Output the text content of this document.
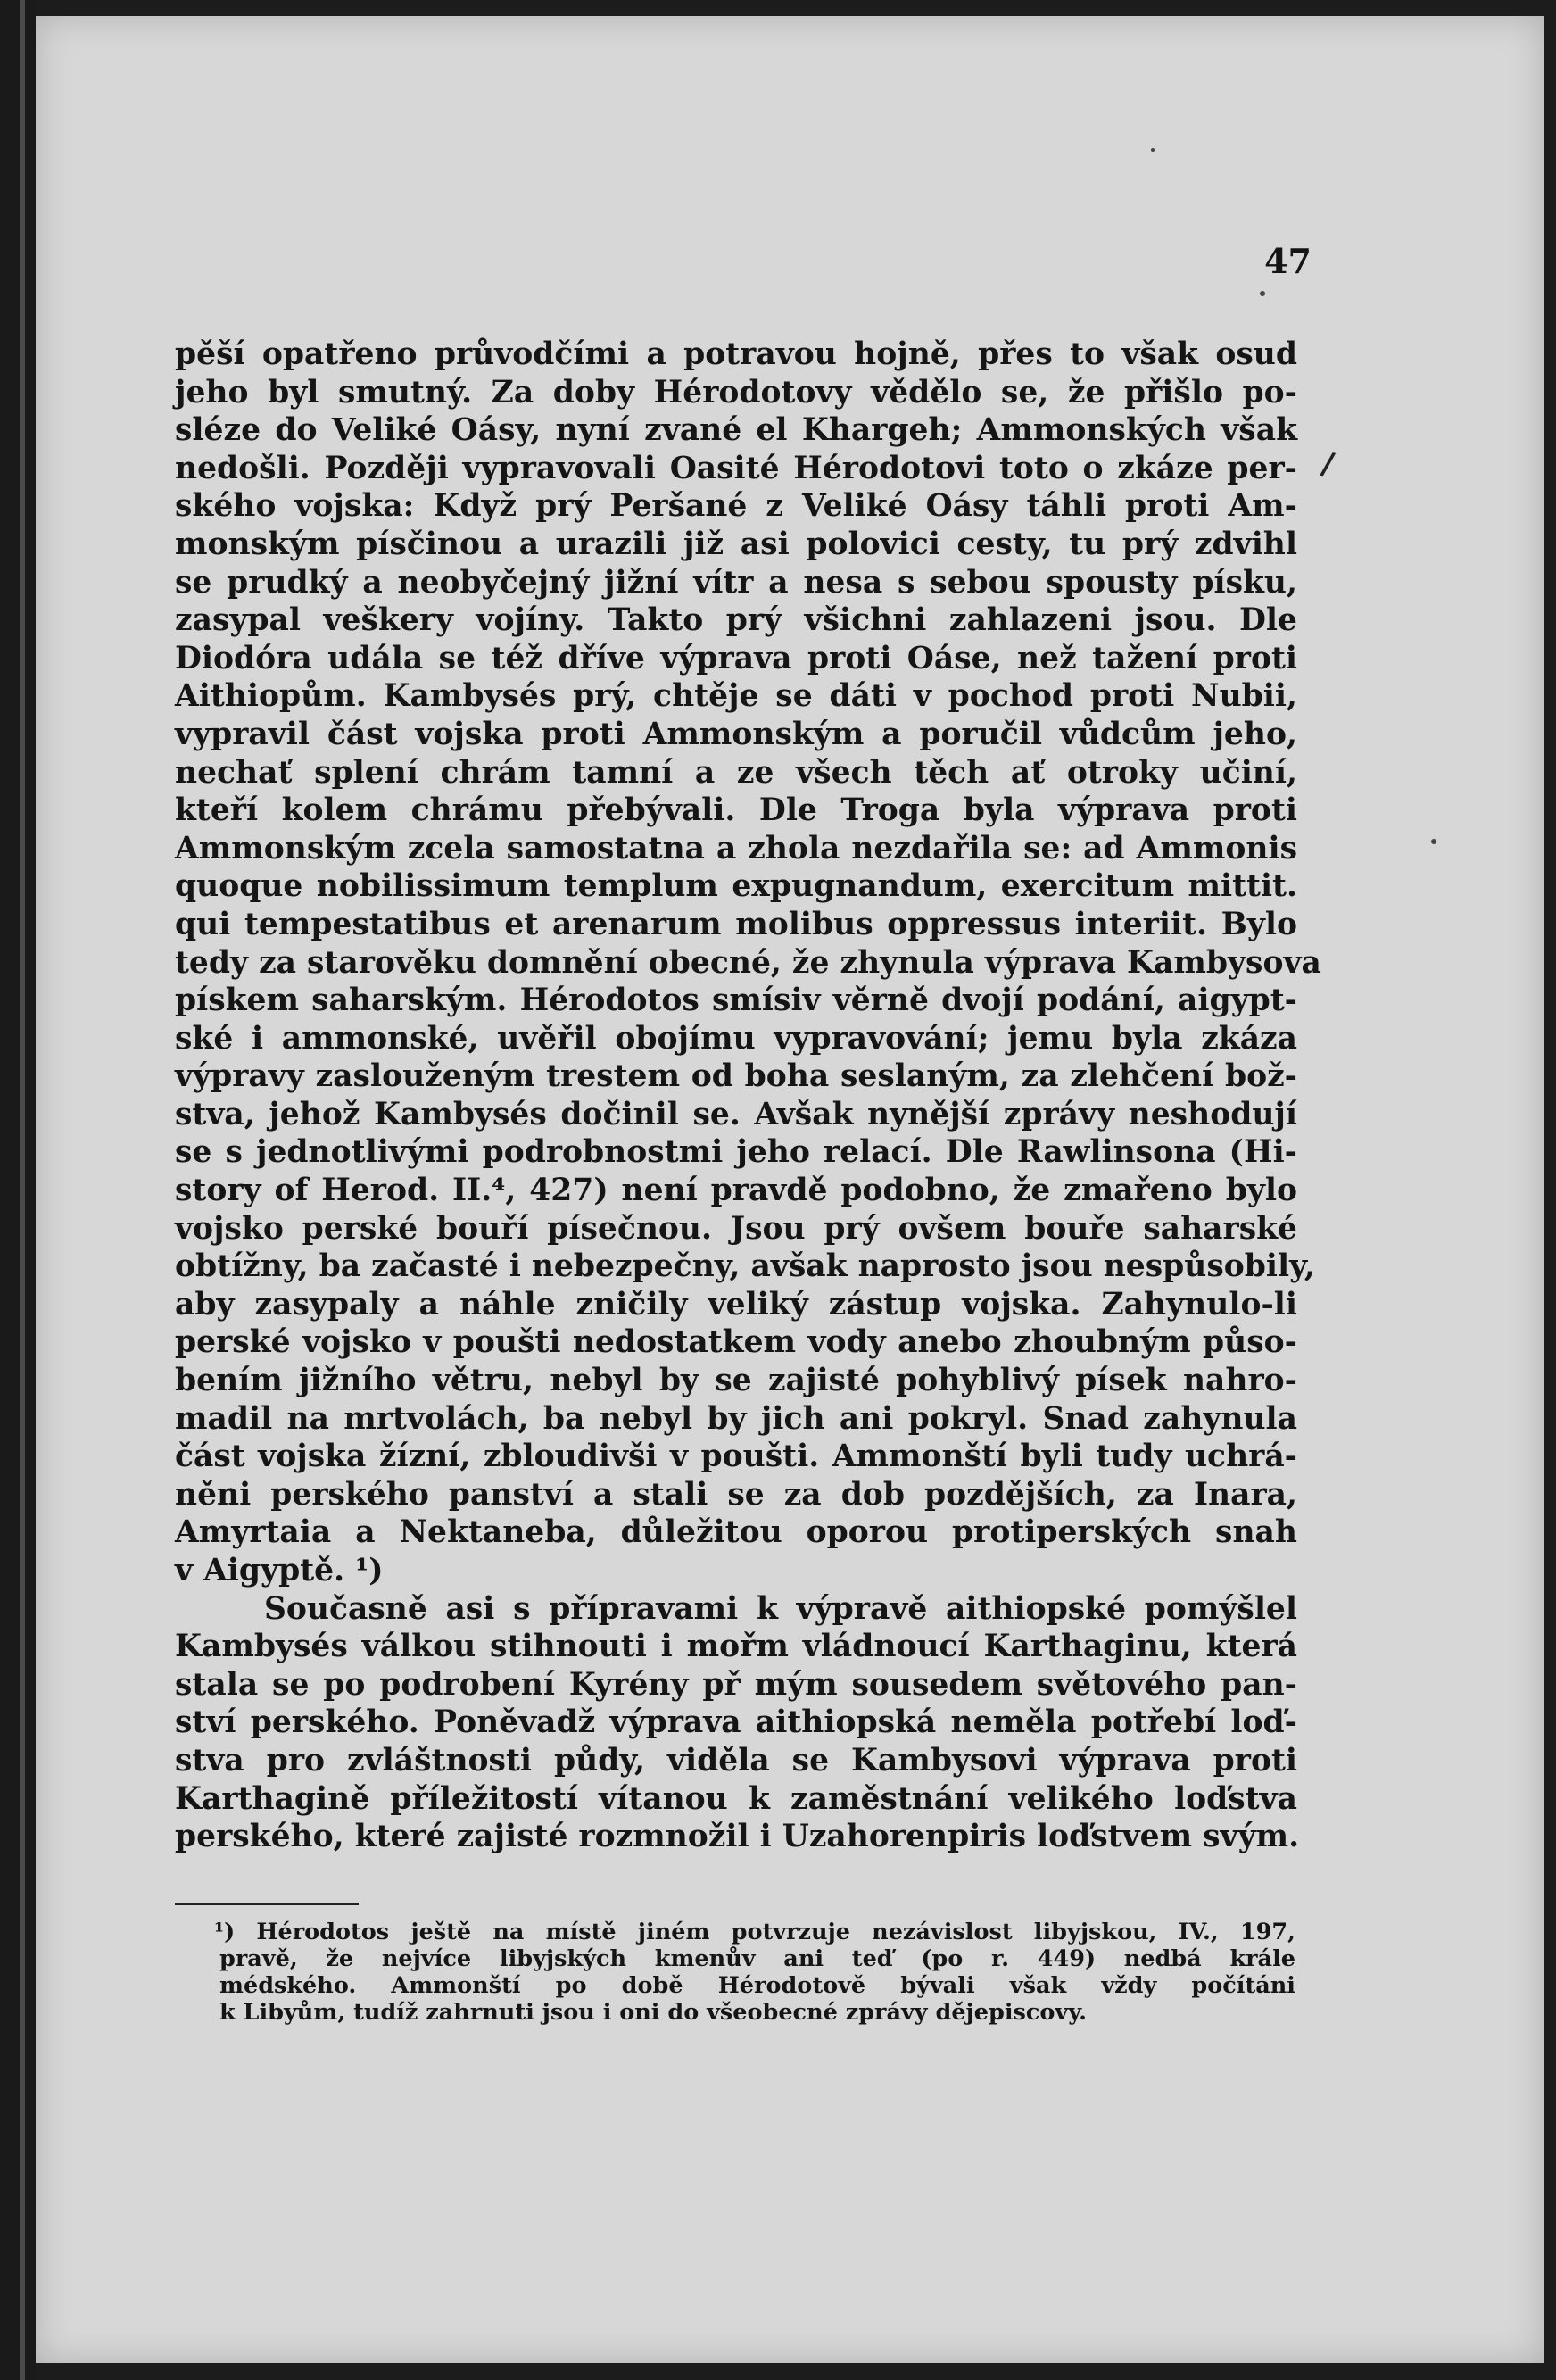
47
pěší opatřeno průvodčími a potravou hojně, přes to však osud
jeho byl smutný. Za doby Hérodotovy vědělo se, že přišlo po-
sléze do Veliké Oásy, nyní zvané el Khargeh; Ammonských však
nedošli. Později vypravovali Oasité Hérodotovi toto o zkáze per-
ského vojska: Když prý Peršané z Veliké Oásy táhli proti Am-
monským písčinou a urazili již asi polovici cesty, tu prý zdvihl
se prudký a neobyčejný jižní vítr a nesa s sebou spousty písku,
zasypal veškery vojíny. Takto prý všichni zahlazeni jsou. Dle
Diodóra udála se též dříve výprava proti Oáse, než tažení proti
Aithiopům. Kambysés prý, chtěje se dáti v pochod proti Nubii,
vypravil část vojska proti Ammonským a poručil vůdcům jeho,
nechať splení chrám tamní a ze všech těch ať otroky učiní,
kteří kolem chrámu přebývali. Dle Troga byla výprava proti
Ammonským zcela samostatna a zhola nezdařila se: ad Ammonis
quoque nobilissimum templum expugnandum, exercitum mittit.
qui tempestatibus et arenarum molibus oppressus interiit. Bylo
tedy za starověku domnění obecné, že zhynula výprava Kambysova
pískem saharským. Hérodotos smísiv věrně dvojí podání, aigypt-
ské i ammonské, uvěřil obojímu vypravování; jemu byla zkáza
výpravy zaslouženým trestem od boha seslaným, za zlehčení bož-
stva, jehož Kambysés dočinil se. Avšak nynější zprávy neshodují
se s jednotlivými podrobnostmi jeho relací. Dle Rawlinsona (Hi-
story of Herod. II.⁴, 427) není pravdě podobno, že zmařeno bylo
vojsko perské bouří písečnou. Jsou prý ovšem bouře saharské
obtížny, ba začasté i nebezpečny, avšak naprosto jsou nespůsobily,
aby zasypaly a náhle zničily veliký zástup vojska. Zahynulo-li
perské vojsko v poušti nedostatkem vody anebo zhoubným půso-
bením jižního větru, nebyl by se zajisté pohyblivý písek nahro-
madil na mrtvolách, ba nebyl by jich ani pokryl. Snad zahynula
část vojska žízní, zbloudivši v poušti. Ammonští byli tudy uchrá-
něni perského panství a stali se za dob pozdějších, za Inara,
Amyrtaia a Nektaneba, důležitou oporou protiperských snah
v Aigyptě. ¹)
Současně asi s přípravami k výpravě aithiopské pomýšlel
Kambysés válkou stihnouti i mořm vládnoucí Karthaginu, která
stala se po podrobení Kyrény př mým sousedem světového pan-
ství perského. Poněvadž výprava aithiopská neměla potřebí loď-
stva pro zvláštnosti půdy, viděla se Kambysovi výprava proti
Karthagině příležitostí vítanou k zaměstnání velikého loďstva
perského, které zajisté rozmnožil i Uzahorenpiris loďstvem svým.
¹) Hérodotos ještě na místě jiném potvrzuje nezávislost libyjskou, IV., 197,
pravě, že nejvíce libyjských kmenův ani teď (po r. 449) nedbá krále
médského. Ammonští po době Hérodotově bývali však vždy počítáni
k Libyům, tudíž zahrnuti jsou i oni do všeobecné zprávy dějepiscovy.
/
